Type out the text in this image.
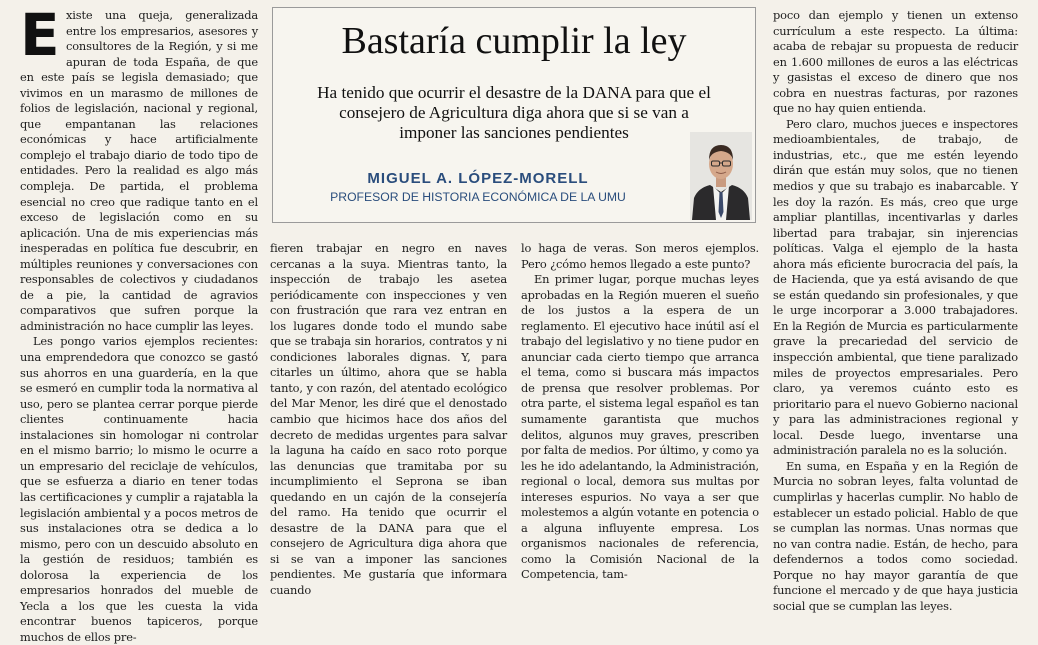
E xiste una queja, generalizada entre los empresarios, asesores y consultores de la Región, y si me apuran de toda España, de que en este país se legisla demasiado; que vivimos en un marasmo de millones de folios de legislación, nacional y regional, que empantanan las relaciones económicas y hace artificialmente complejo el trabajo diario de todo tipo de entidades. Pero la realidad es algo más compleja. De partida, el problema esencial no creo que radique tanto en el exceso de legislación como en su aplicación. Una de mis experiencias más inesperadas en política fue descubrir, en múltiples reuniones y conversaciones con responsables de colectivos y ciudadanos de a pie, la cantidad de agravios comparativos que sufren porque la administración no hace cumplir las leyes.

Les pongo varios ejemplos recientes: una emprendedora que conozco se gastó sus ahorros en una guardería, en la que se esmeró en cumplir toda la normativa al uso, pero se plantea cerrar porque pierde clientes continuamente hacia instalaciones sin homologar ni controlar en el mismo barrio; lo mismo le ocurre a un empresario del reciclaje de vehículos, que se esfuerza a diario en tener todas las certificaciones y cumplir a rajatabla la legislación ambiental y a pocos metros de sus instalaciones otra se dedica a lo mismo, pero con un descuido absoluto en la gestión de residuos; también es dolorosa la experiencia de los empresarios honrados del mueble de Yecla a los que les cuesta la vida encontrar buenos tapiceros, porque muchos de ellos pre-

Bastaría cumplir la ley
Ha tenido que ocurrir el desastre de la DANA para que el consejero de Agricultura diga ahora que si se van a imponer las sanciones pendientes
MIGUEL A. LÓPEZ-MORELL
PROFESOR DE HISTORIA ECONÓMICA DE LA UMU

fieren trabajar en negro en naves cercanas a la suya. Mientras tanto, la inspección de trabajo les asetea periódicamente con inspecciones y ven con frustración que rara vez entran en los lugares donde todo el mundo sabe que se trabaja sin horarios, contratos y ni condiciones laborales dignas. Y, para citarles un último, ahora que se habla tanto, y con razón, del atentado ecológico del Mar Menor, les diré que el denostado cambio que hicimos hace dos años del decreto de medidas urgentes para salvar la laguna ha caído en saco roto porque las denuncias que tramitaba por su incumplimiento el Seprona se iban quedando en un cajón de la consejería del ramo. Ha tenido que ocurrir el desastre de la DANA para que el consejero de Agricultura diga ahora que si se van a imponer las sanciones pendientes. Me gustaría que informara cuando

lo haga de veras. Son meros ejemplos. Pero ¿cómo hemos llegado a este punto?

En primer lugar, porque muchas leyes aprobadas en la Región mueren el sueño de los justos a la espera de un reglamento. El ejecutivo hace inútil así el trabajo del legislativo y no tiene pudor en anunciar cada cierto tiempo que arranca el tema, como si buscara más impactos de prensa que resolver problemas. Por otra parte, el sistema legal español es tan sumamente garantista que muchos delitos, algunos muy graves, prescriben por falta de medios. Por último, y como ya les he ido adelantando, la Administración, regional o local, demora sus multas por intereses espurios. No vaya a ser que molestemos a algún votante en potencia o a alguna influyente empresa. Los organismos nacionales de referencia, como la Comisión Nacional de la Competencia, tam-

poco dan ejemplo y tienen un extenso currículum a este respecto. La última: acaba de rebajar su propuesta de reducir en 1.600 millones de euros a las eléctricas y gasistas el exceso de dinero que nos cobra en nuestras facturas, por razones que no hay quien entienda.

Pero claro, muchos jueces e inspectores medioambientales, de trabajo, de industrias, etc., que me estén leyendo dirán que están muy solos, que no tienen medios y que su trabajo es inabarcable. Y les doy la razón. Es más, creo que urge ampliar plantillas, incentivarlas y darles libertad para trabajar, sin injerencias políticas. Valga el ejemplo de la hasta ahora más eficiente burocracia del país, la de Hacienda, que ya está avisando de que se están quedando sin profesionales, y que le urge incorporar a 3.000 trabajadores. En la Región de Murcia es particularmente grave la precariedad del servicio de inspección ambiental, que tiene paralizado miles de proyectos empresariales. Pero claro, ya veremos cuánto esto es prioritario para el nuevo Gobierno nacional y para las administraciones regional y local. Desde luego, inventarse una administración paralela no es la solución.

En suma, en España y en la Región de Murcia no sobran leyes, falta voluntad de cumplirlas y hacerlas cumplir. No hablo de establecer un estado policial. Hablo de que se cumplan las normas. Unas normas que no van contra nadie. Están, de hecho, para defendernos a todos como sociedad. Porque no hay mayor garantía de que funcione el mercado y de que haya justicia social que se cumplan las leyes.
